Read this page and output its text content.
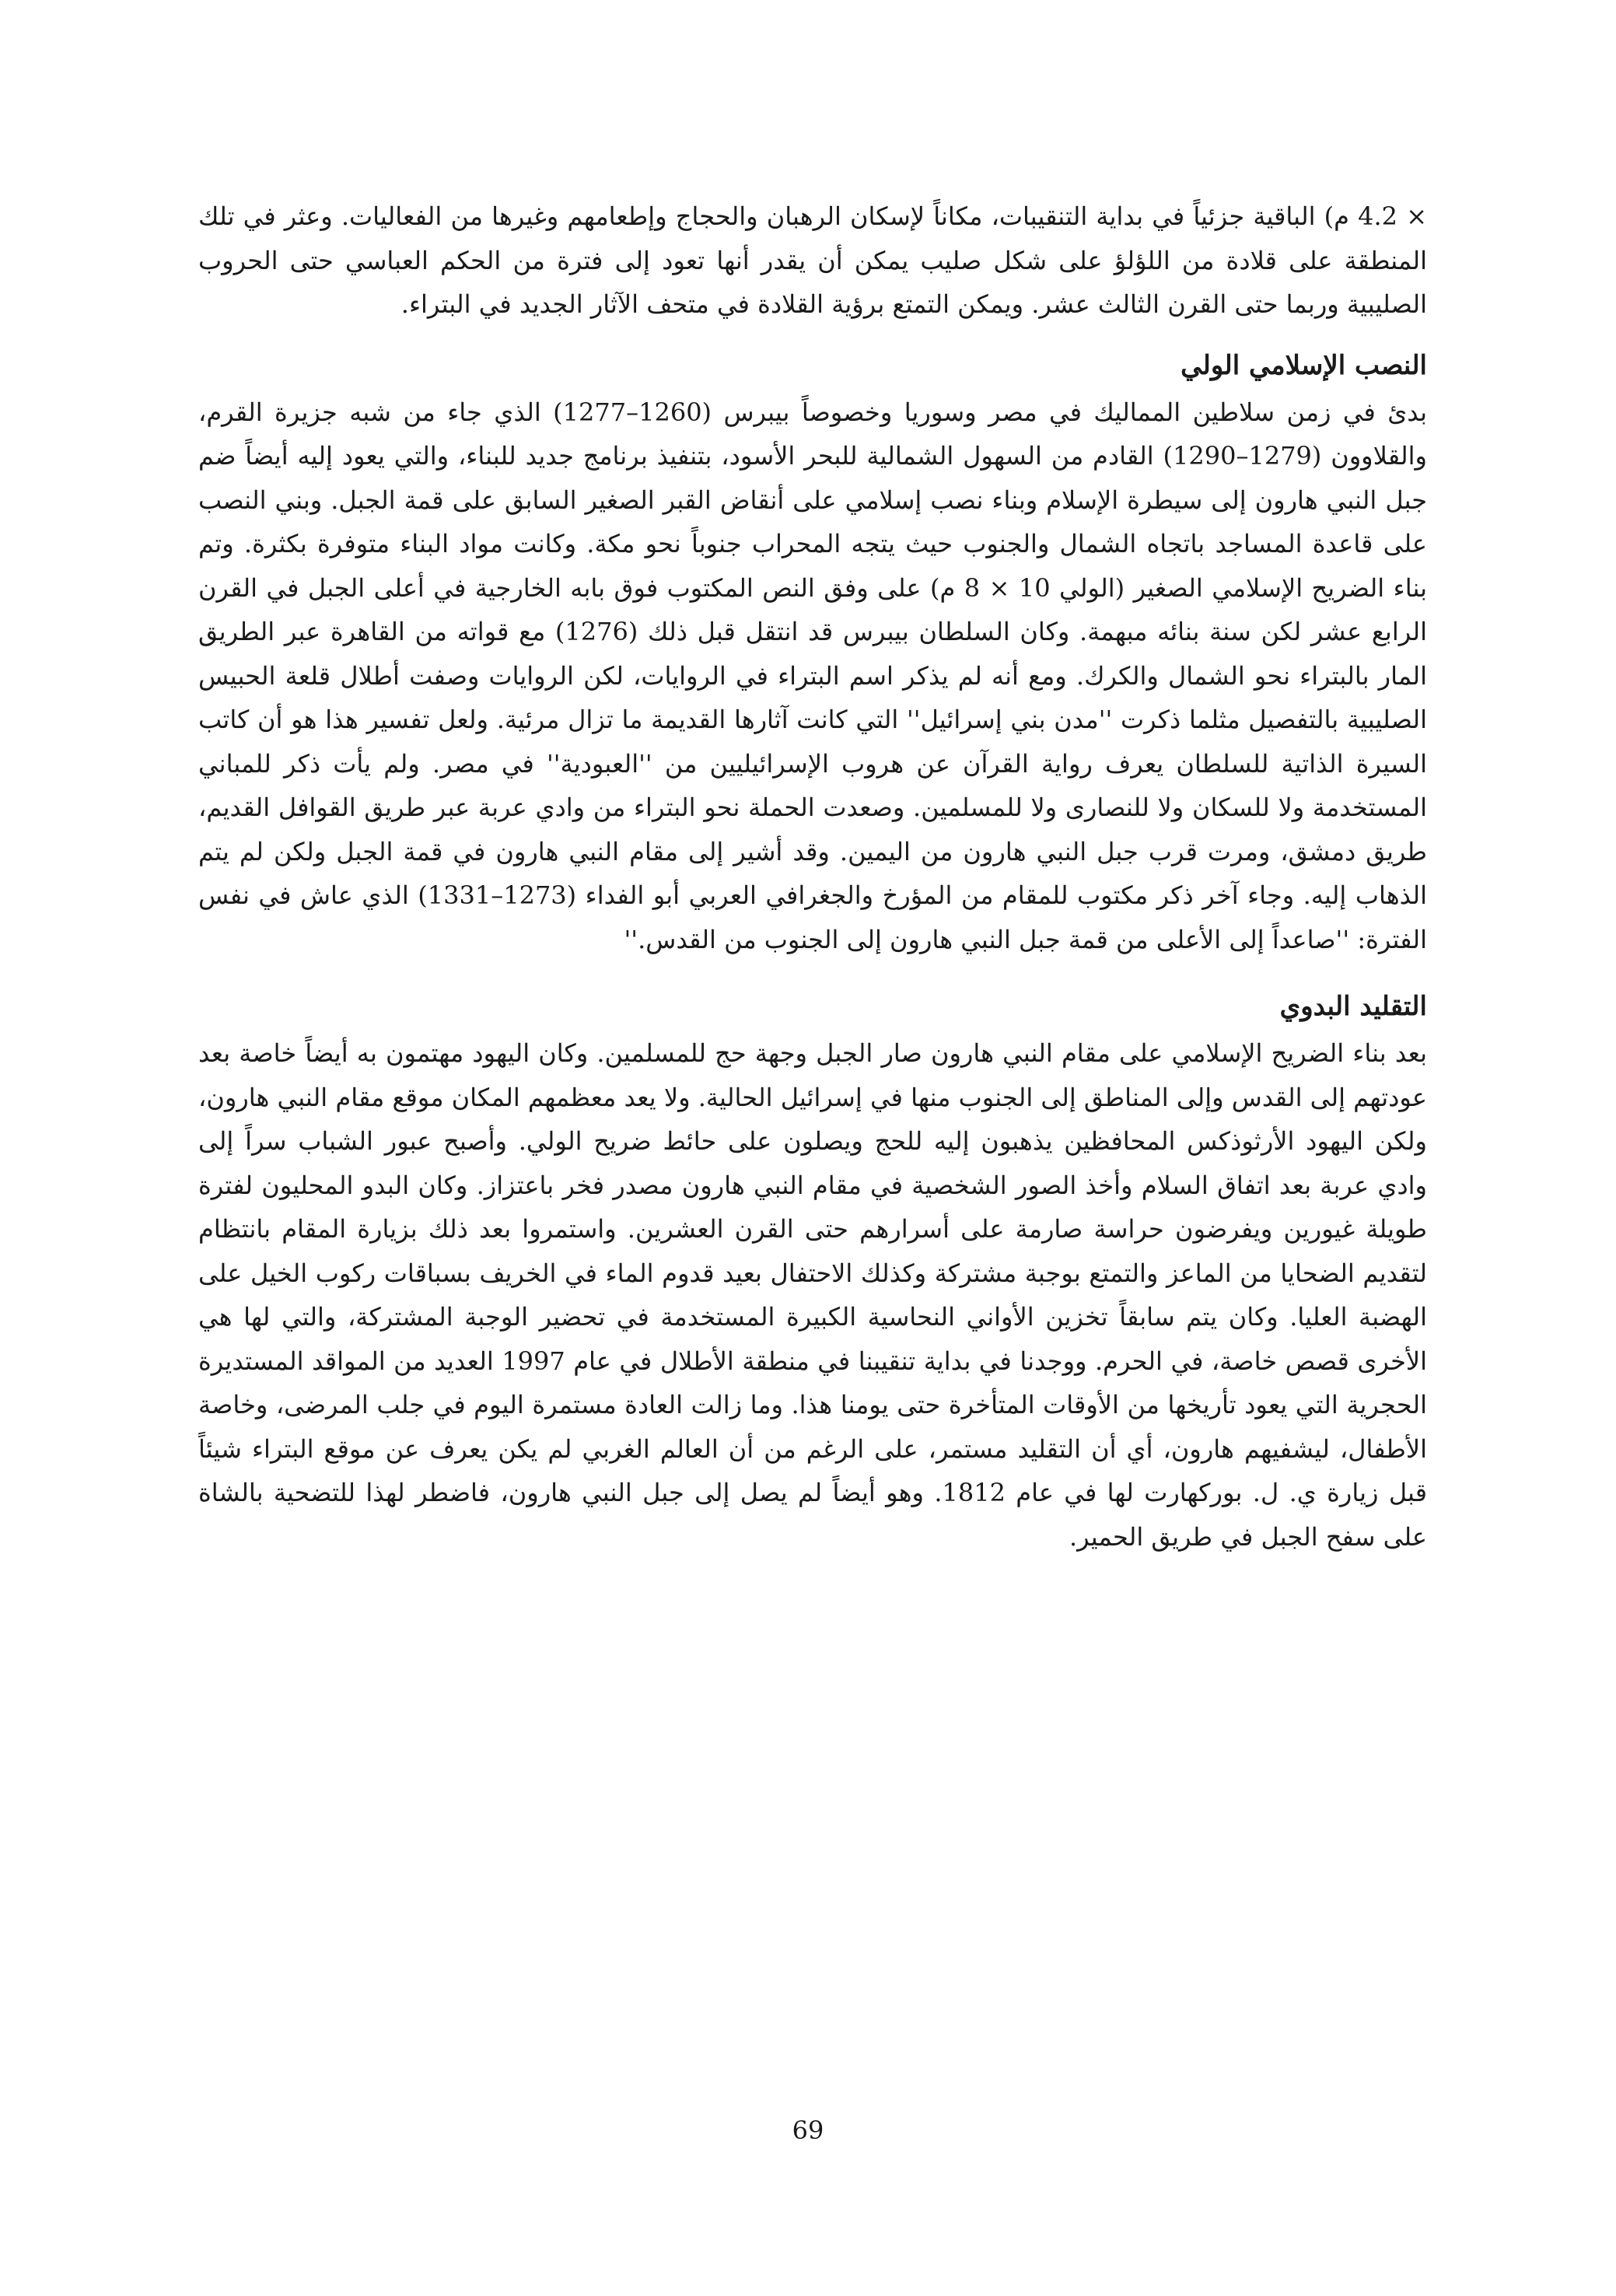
× 4.2 م) الباقية جزئياً في بداية التنقيبات، مكاناً لإسكان الرهبان والحجاج وإطعامهم وغيرها من الفعاليات. وعثر في تلك المنطقة على قلادة من اللؤلؤ على شكل صليب يمكن أن يقدر أنها تعود إلى فترة من الحكم العباسي حتى الحروب الصليبية وربما حتى القرن الثالث عشر. ويمكن التمتع برؤية القلادة في متحف الآثار الجديد في البتراء.

النصب الإسلامي الولي

بدئ في زمن سلاطين المماليك في مصر وسوريا وخصوصاً بيبرس (1260–1277) الذي جاء من شبه جزيرة القرم، والقلاوون (1279–1290) القادم من السهول الشمالية للبحر الأسود، بتنفيذ برنامج جديد للبناء، والتي يعود إليه أيضاً ضم جبل النبي هارون إلى سيطرة الإسلام وبناء نصب إسلامي على أنقاض القبر الصغير السابق على قمة الجبل. وبني النصب على قاعدة المساجد باتجاه الشمال والجنوب حيث يتجه المحراب جنوباً نحو مكة. وكانت مواد البناء متوفرة بكثرة. وتم بناء الضريح الإسلامي الصغير (الولي 10 × 8 م) على وفق النص المكتوب فوق بابه الخارجية في أعلى الجبل في القرن الرابع عشر لكن سنة بنائه مبهمة. وكان السلطان بيبرس قد انتقل قبل ذلك (1276) مع قواته من القاهرة عبر الطريق المار بالبتراء نحو الشمال والكرك. ومع أنه لم يذكر اسم البتراء في الروايات، لكن الروايات وصفت أطلال قلعة الحبيس الصليبية بالتفصيل مثلما ذكرت ''مدن بني إسرائيل'' التي كانت آثارها القديمة ما تزال مرئية. ولعل تفسير هذا هو أن كاتب السيرة الذاتية للسلطان يعرف رواية القرآن عن هروب الإسرائيليين من ''العبودية'' في مصر. ولم يأت ذكر للمباني المستخدمة ولا للسكان ولا للنصارى ولا للمسلمين. وصعدت الحملة نحو البتراء من وادي عربة عبر طريق القوافل القديم، طريق دمشق، ومرت قرب جبل النبي هارون من اليمين. وقد أشير إلى مقام النبي هارون في قمة الجبل ولكن لم يتم الذهاب إليه. وجاء آخر ذكر مكتوب للمقام من المؤرخ والجغرافي العربي أبو الفداء (1273–1331) الذي عاش في نفس الفترة: ''صاعداً إلى الأعلى من قمة جبل النبي هارون إلى الجنوب من القدس.''

التقليد البدوي

بعد بناء الضريح الإسلامي على مقام النبي هارون صار الجبل وجهة حج للمسلمين. وكان اليهود مهتمون به أيضاً خاصة بعد عودتهم إلى القدس وإلى المناطق إلى الجنوب منها في إسرائيل الحالية. ولا يعد معظمهم المكان موقع مقام النبي هارون، ولكن اليهود الأرثوذكس المحافظين يذهبون إليه للحج ويصلون على حائط ضريح الولي. وأصبح عبور الشباب سراً إلى وادي عربة بعد اتفاق السلام وأخذ الصور الشخصية في مقام النبي هارون مصدر فخر باعتزاز. وكان البدو المحليون لفترة طويلة غيورين ويفرضون حراسة صارمة على أسرارهم حتى القرن العشرين. واستمروا بعد ذلك بزيارة المقام بانتظام لتقديم الضحايا من الماعز والتمتع بوجبة مشتركة وكذلك الاحتفال بعيد قدوم الماء في الخريف بسباقات ركوب الخيل على الهضبة العليا. وكان يتم سابقاً تخزين الأواني النحاسية الكبيرة المستخدمة في تحضير الوجبة المشتركة، والتي لها هي الأخرى قصص خاصة، في الحرم. ووجدنا في بداية تنقيبنا في منطقة الأطلال في عام 1997 العديد من المواقد المستديرة الحجرية التي يعود تأريخها من الأوقات المتأخرة حتى يومنا هذا. وما زالت العادة مستمرة اليوم في جلب المرضى، وخاصة الأطفال، ليشفيهم هارون، أي أن التقليد مستمر، على الرغم من أن العالم الغربي لم يكن يعرف عن موقع البتراء شيئاً قبل زيارة ي. ل. بوركهارت لها في عام 1812. وهو أيضاً لم يصل إلى جبل النبي هارون، فاضطر لهذا للتضحية بالشاة على سفح الجبل في طريق الحمير.

69
